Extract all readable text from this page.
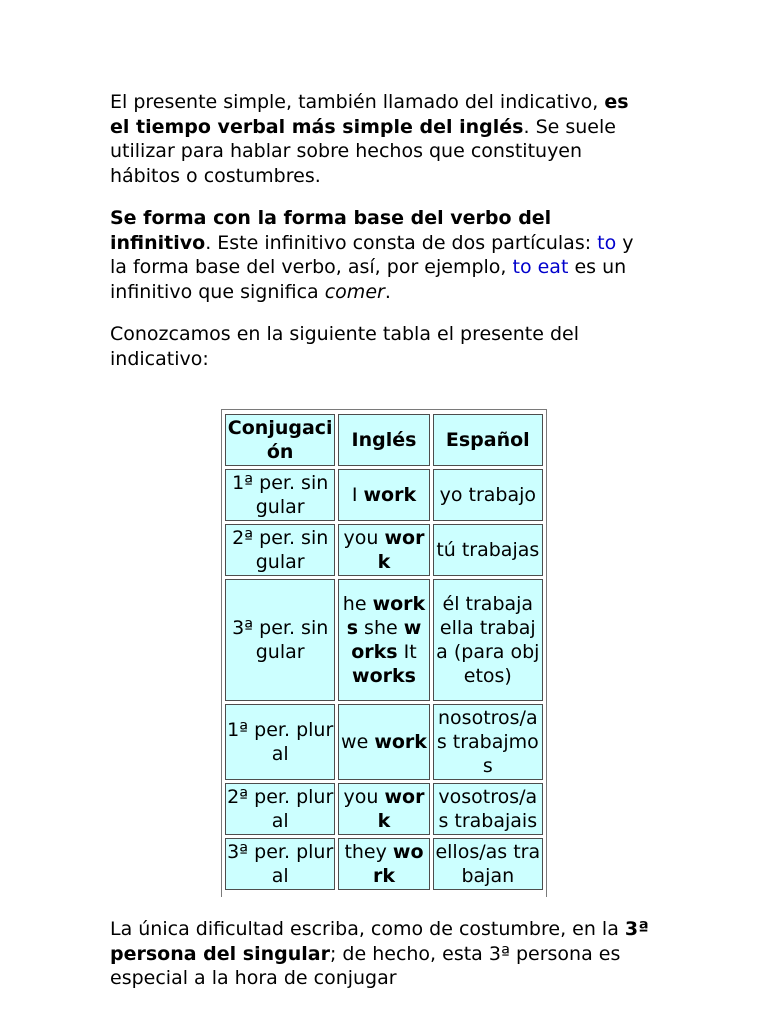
El presente simple, también llamado del indicativo, es el tiempo verbal más simple del inglés. Se suele utilizar para hablar sobre hechos que constituyen hábitos o costumbres.

Se forma con la forma base del verbo del infinitivo. Este infinitivo consta de dos partículas: to y la forma base del verbo, así, por ejemplo, to eat es un infinitivo que significa comer.

Conozcamos en la siguiente tabla el presente del indicativo:

Conjugación	Inglés	Español
1ª per. singular	I work	yo trabajo
2ª per. singular	you work	tú trabajas
3ª per. singular	he works she works It works	él trabaja ella trabaja (para objetos)
1ª per. plural	we work	nosotros/as trabajmos
2ª per. plural	you work	vosotros/as trabajais
3ª per. plural	they work	ellos/as trabajan

La única dificultad escriba, como de costumbre, en la 3ª persona del singular; de hecho, esta 3ª persona es especial a la hora de conjugar
